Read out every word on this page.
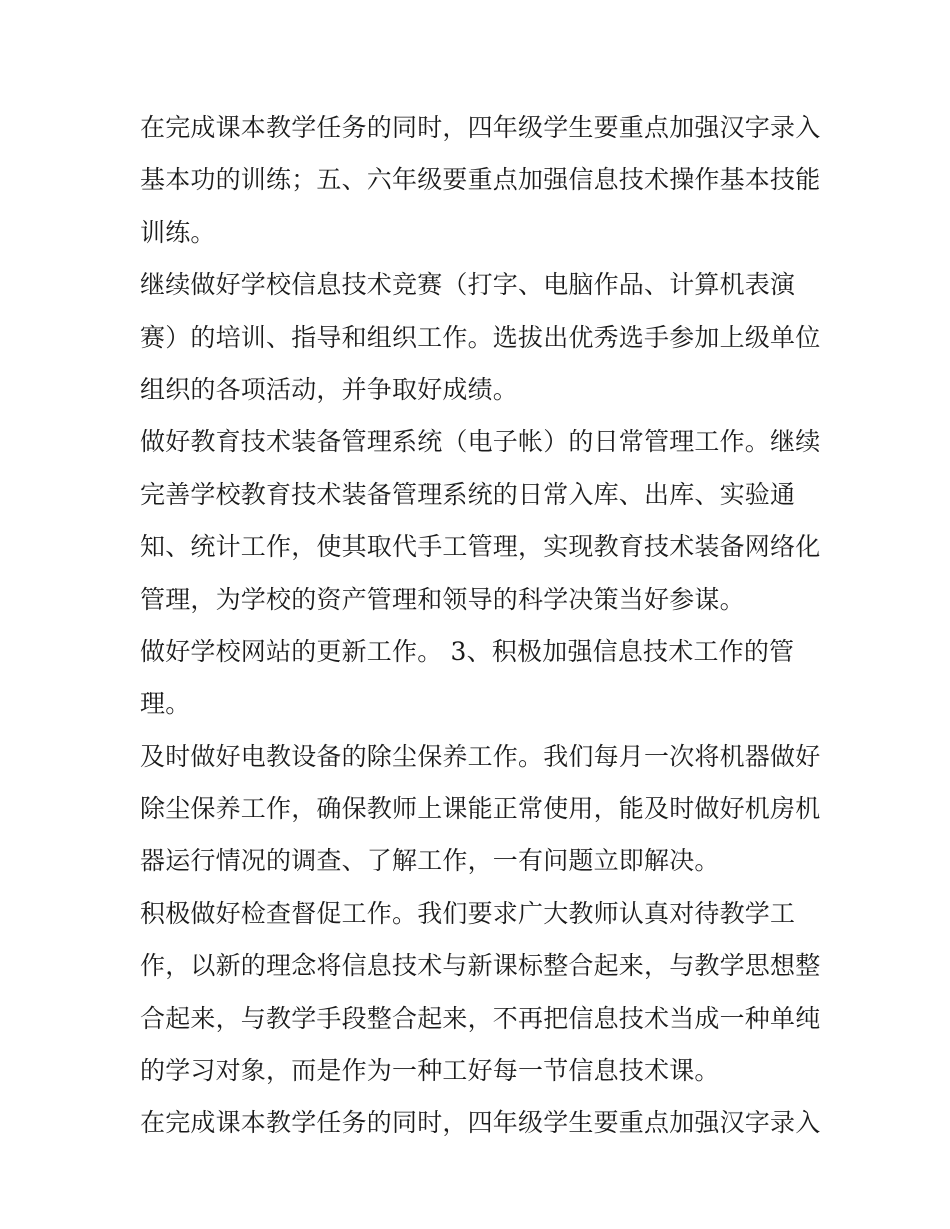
在完成课本教学任务的同时，四年级学生要重点加强汉字录入
基本功的训练；五、六年级要重点加强信息技术操作基本技能
训练。
继续做好学校信息技术竞赛（打字、电脑作品、计算机表演
赛）的培训、指导和组织工作。选拔出优秀选手参加上级单位
组织的各项活动，并争取好成绩。
做好教育技术装备管理系统（电子帐）的日常管理工作。继续
完善学校教育技术装备管理系统的日常入库、出库、实验通
知、统计工作，使其取代手工管理，实现教育技术装备网络化
管理，为学校的资产管理和领导的科学决策当好参谋。
做好学校网站的更新工作。 3、积极加强信息技术工作的管
理。
及时做好电教设备的除尘保养工作。我们每月一次将机器做好
除尘保养工作，确保教师上课能正常使用，能及时做好机房机
器运行情况的调查、了解工作，一有问题立即解决。
积极做好检查督促工作。我们要求广大教师认真对待教学工
作，以新的理念将信息技术与新课标整合起来，与教学思想整
合起来，与教学手段整合起来，不再把信息技术当成一种单纯
的学习对象，而是作为一种工好每一节信息技术课。
在完成课本教学任务的同时，四年级学生要重点加强汉字录入
